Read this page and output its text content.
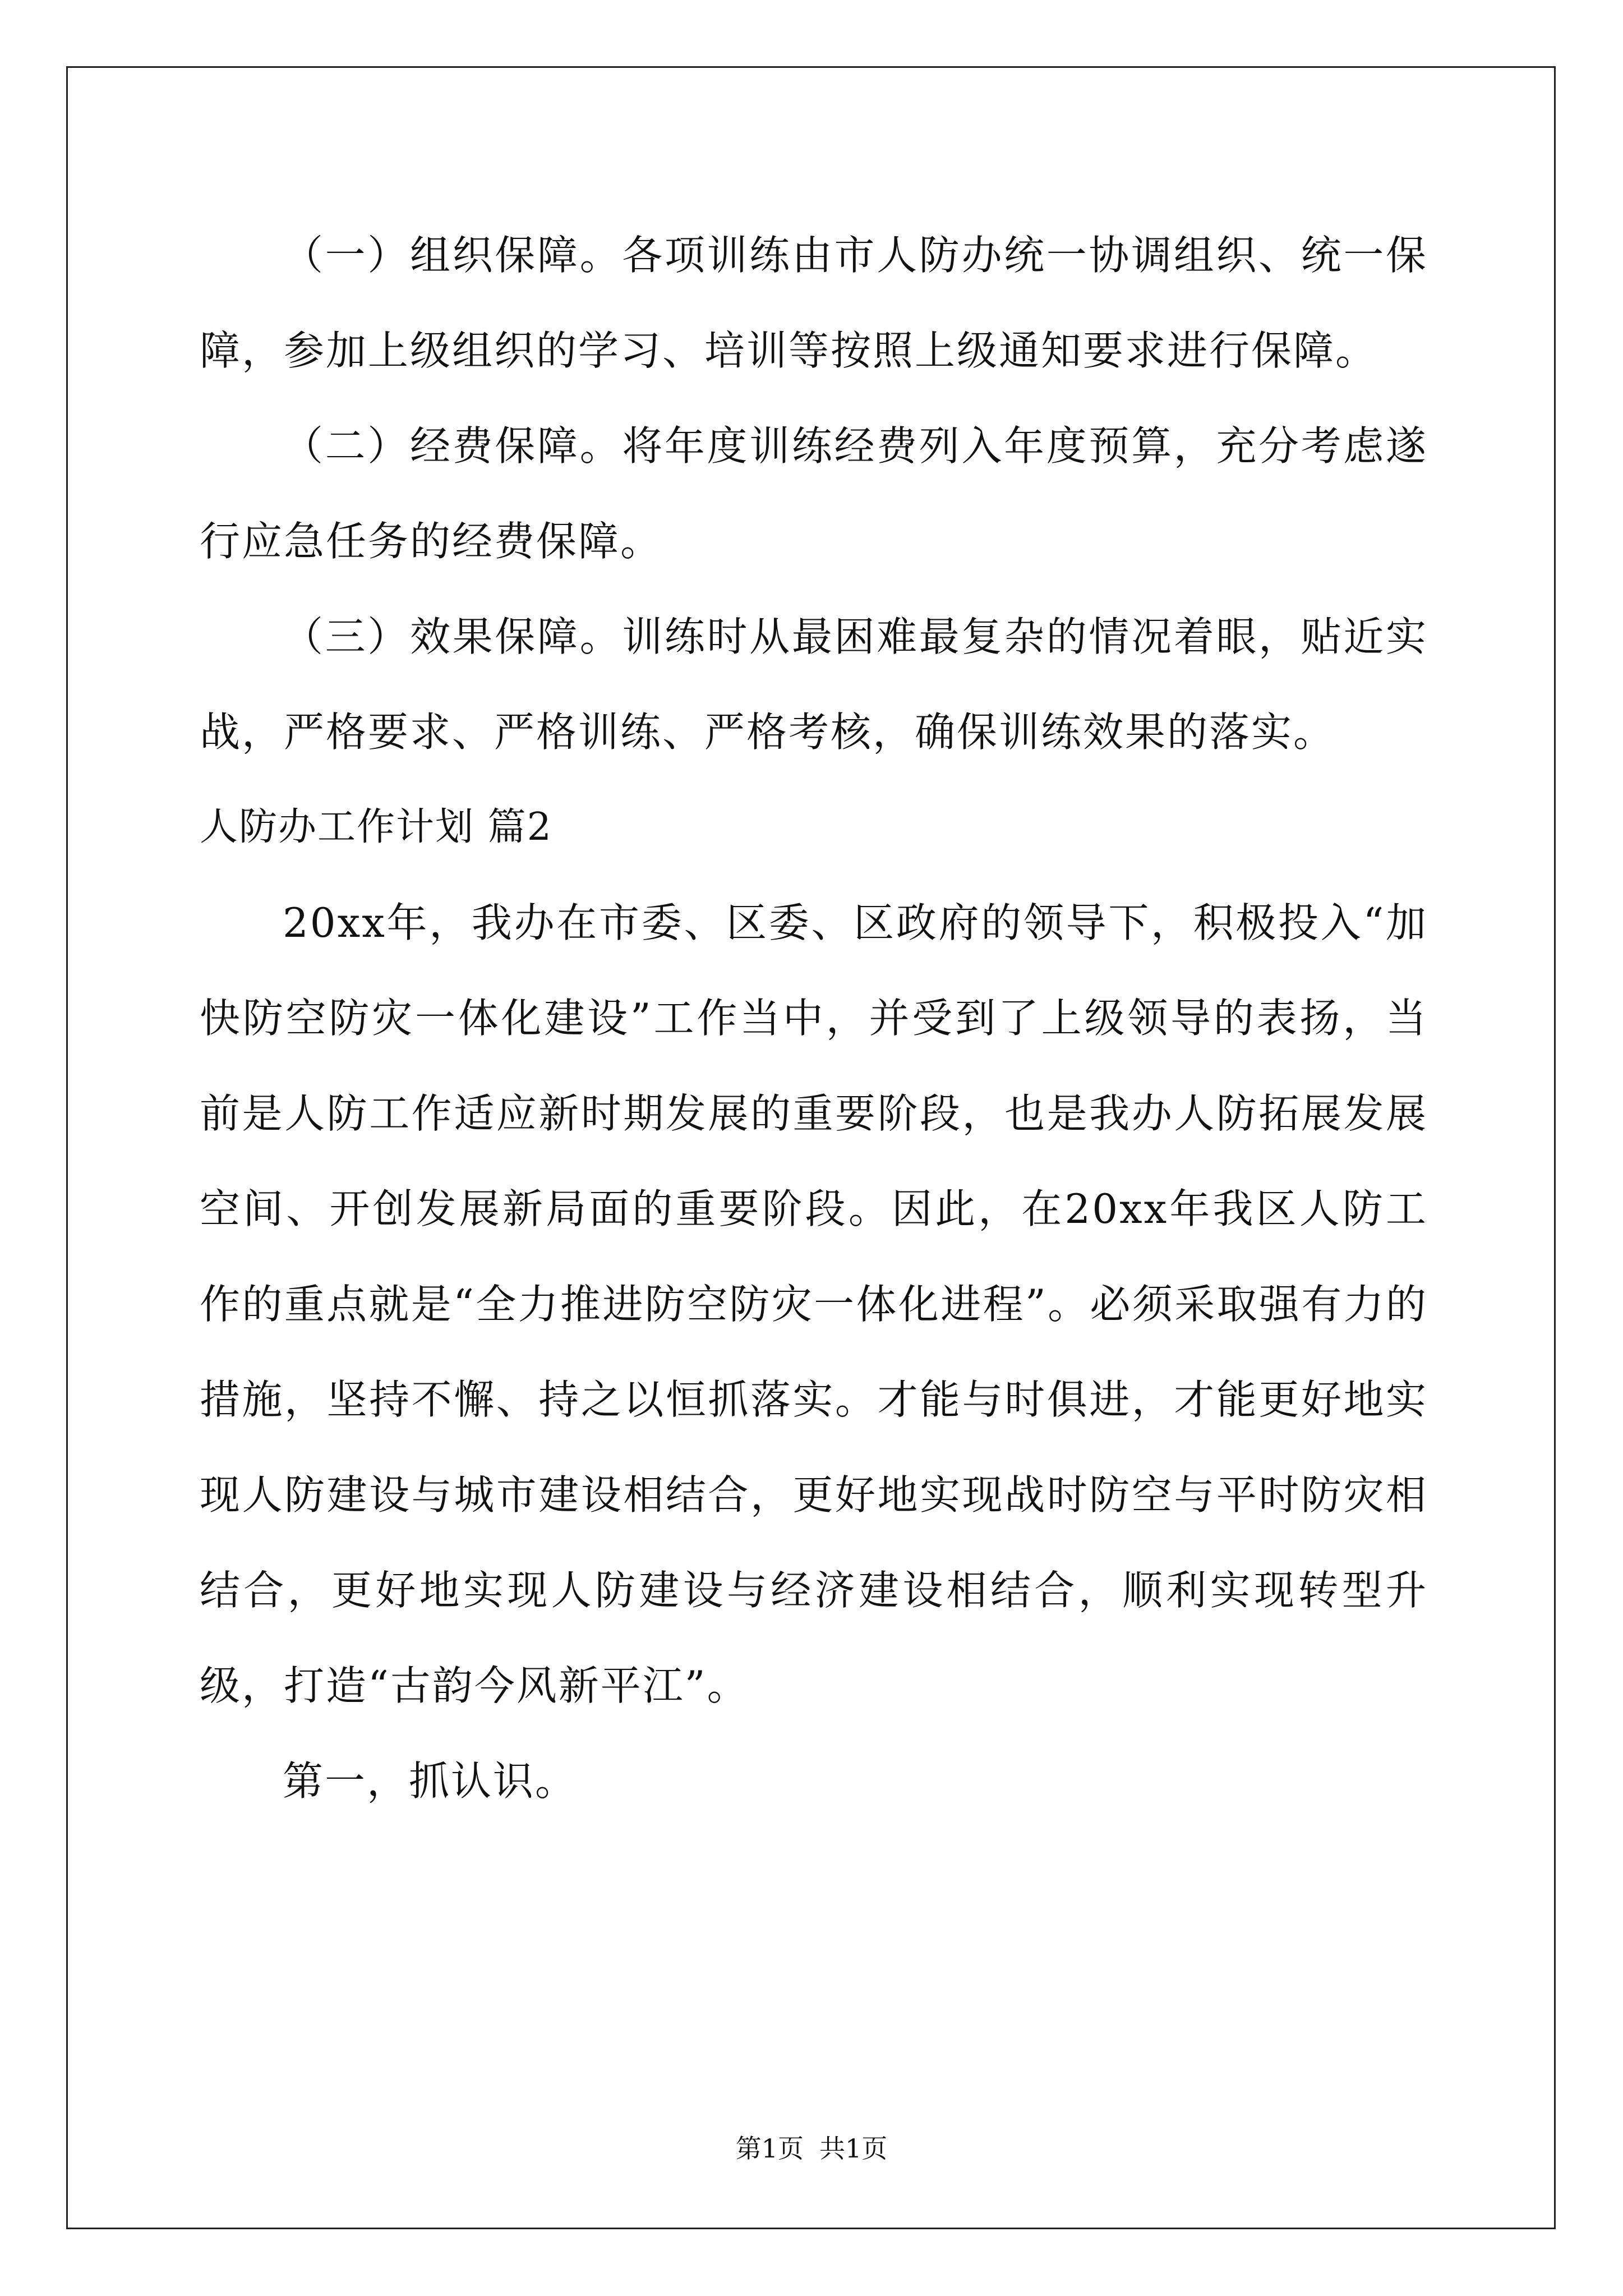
（一）组织保障。各项训练由市人防办统一协调组织、统一保障，参加上级组织的学习、培训等按照上级通知要求进行保障。

（二）经费保障。将年度训练经费列入年度预算，充分考虑遂行应急任务的经费保障。

（三）效果保障。训练时从最困难最复杂的情况着眼，贴近实战，严格要求、严格训练、严格考核，确保训练效果的落实。

人防办工作计划 篇2

20xx年，我办在市委、区委、区政府的领导下，积极投入“加快防空防灾一体化建设”工作当中，并受到了上级领导的表扬，当前是人防工作适应新时期发展的重要阶段，也是我办人防拓展发展空间、开创发展新局面的重要阶段。因此，在20xx年我区人防工作的重点就是“全力推进防空防灾一体化进程”。必须采取强有力的措施，坚持不懈、持之以恒抓落实。才能与时俱进，才能更好地实现人防建设与城市建设相结合，更好地实现战时防空与平时防灾相结合，更好地实现人防建设与经济建设相结合，顺利实现转型升级，打造“古韵今风新平江”。

第一，抓认识。

第1页 共1页
